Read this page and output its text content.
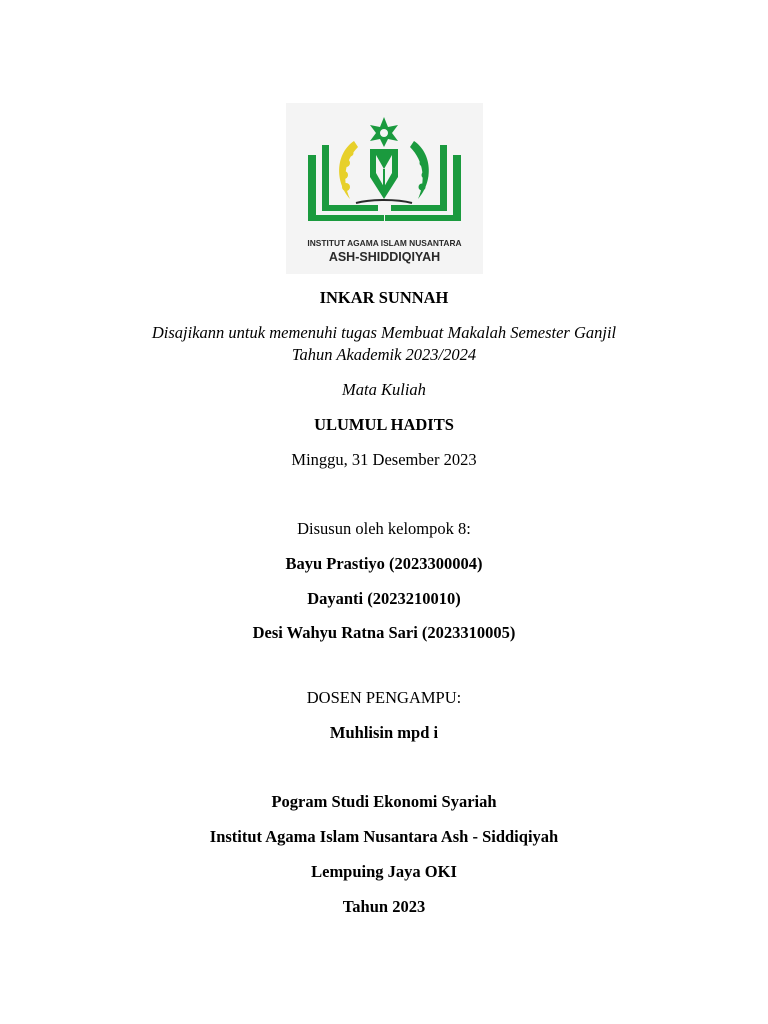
INSTITUT AGAMA ISLAM NUSANTARA
ASH-SHIDDIQIYAH
INKAR SUNNAH
Disajikann untuk memenuhi tugas Membuat Makalah Semester Ganjil
Tahun Akademik 2023/2024
Mata Kuliah
ULUMUL HADITS
Minggu, 31 Desember 2023
Disusun oleh kelompok 8:
Bayu Prastiyo (2023300004)
Dayanti (2023210010)
Desi Wahyu Ratna Sari (2023310005)
DOSEN PENGAMPU:
Muhlisin mpd i
Pogram Studi Ekonomi Syariah
Institut Agama Islam Nusantara Ash - Siddiqiyah
Lempuing Jaya OKI
Tahun 2023
